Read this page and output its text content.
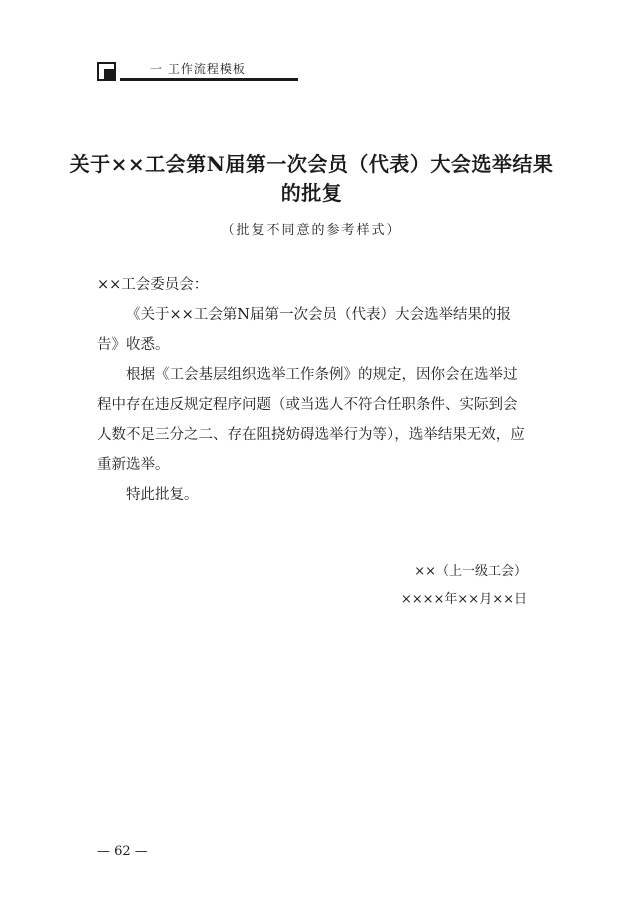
一 工作流程模板
关于××工会第N届第一次会员（代表）大会选举结果的批复
（批复不同意的参考样式）

××工会委员会：

《关于××工会第N届第一次会员（代表）大会选举结果的报告》收悉。

根据《工会基层组织选举工作条例》的规定，因你会在选举过程中存在违反规定程序问题（或当选人不符合任职条件、实际到会人数不足三分之二、存在阻挠妨碍选举行为等），选举结果无效，应重新选举。

特此批复。

××（上一级工会）
××××年××月××日
— 62 —
